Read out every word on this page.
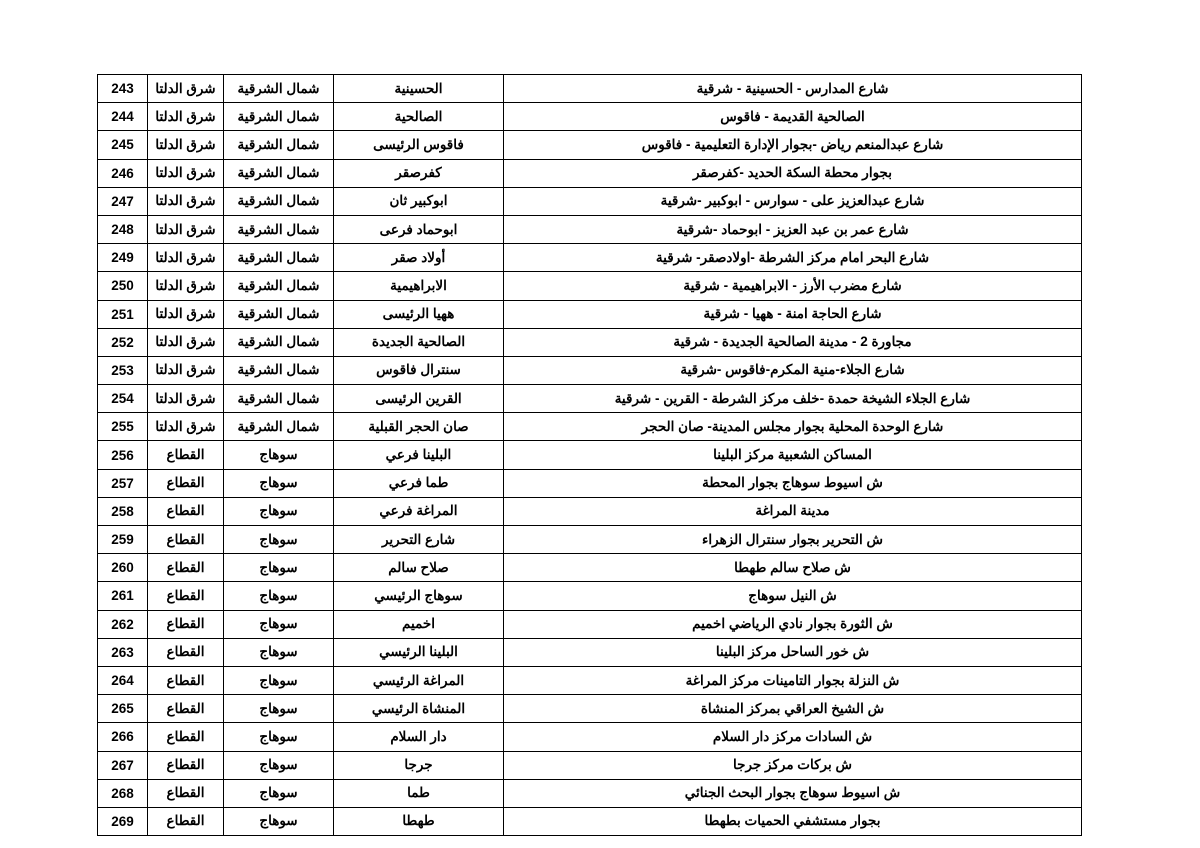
شارع المدارس - الحسينية - شرقية	الحسينية	شمال الشرقية	شرق الدلتا	243
الصالحية القديمة - فاقوس	الصالحية	شمال الشرقية	شرق الدلتا	244
شارع عبدالمنعم رياض -بجوار الإدارة التعليمية - فاقوس	فاقوس الرئيسى	شمال الشرقية	شرق الدلتا	245
بجوار محطة السكة الحديد -كفرصقر	كفرصقر	شمال الشرقية	شرق الدلتا	246
شارع عبدالعزيز على - سوارس - ابوكبير -شرقية	ابوكبير ثان	شمال الشرقية	شرق الدلتا	247
شارع عمر بن عبد العزيز - ابوحماد -شرقية	ابوحماد فرعى	شمال الشرقية	شرق الدلتا	248
شارع البحر امام مركز الشرطة -اولادصقر- شرقية	أولاد صقر	شمال الشرقية	شرق الدلتا	249
شارع مضرب الأرز - الابراهيمية - شرقية	الابراهيمية	شمال الشرقية	شرق الدلتا	250
شارع الحاجة امنة - ههيا - شرقية	ههيا الرئيسى	شمال الشرقية	شرق الدلتا	251
مجاورة 2 - مدينة الصالحية الجديدة - شرقية	الصالحية الجديدة	شمال الشرقية	شرق الدلتا	252
شارع الجلاء-منية المكرم-فاقوس -شرقية	سنترال فاقوس	شمال الشرقية	شرق الدلتا	253
شارع الجلاء الشيخة حمدة -خلف مركز الشرطة - القرين - شرقية	القرين الرئيسى	شمال الشرقية	شرق الدلتا	254
شارع الوحدة المحلية بجوار مجلس المدينة- صان الحجر	صان الحجر القبلية	شمال الشرقية	شرق الدلتا	255
المساكن الشعبية مركز البلينا	البلينا فرعي	سوهاج	القطاع	256
ش اسيوط سوهاج بجوار المحطة	طما فرعي	سوهاج	القطاع	257
مدينة المراغة	المراغة فرعي	سوهاج	القطاع	258
ش التحرير بجوار سنترال الزهراء	شارع التحرير	سوهاج	القطاع	259
ش صلاح سالم طهطا	صلاح سالم	سوهاج	القطاع	260
ش النيل سوهاج	سوهاج الرئيسي	سوهاج	القطاع	261
ش الثورة بجوار نادي الرياضي اخميم	اخميم	سوهاج	القطاع	262
ش خور الساحل مركز البلينا	البلينا الرئيسي	سوهاج	القطاع	263
ش النزلة بجوار التامينات مركز المراغة	المراغة الرئيسي	سوهاج	القطاع	264
ش الشيخ العراقي بمركز المنشاة	المنشاة الرئيسي	سوهاج	القطاع	265
ش السادات مركز دار السلام	دار السلام	سوهاج	القطاع	266
ش بركات مركز جرجا	جرجا	سوهاج	القطاع	267
ش اسيوط سوهاج بجوار البحث الجنائي	طما	سوهاج	القطاع	268
بجوار مستشفي الحميات بطهطا	طهطا	سوهاج	القطاع	269
